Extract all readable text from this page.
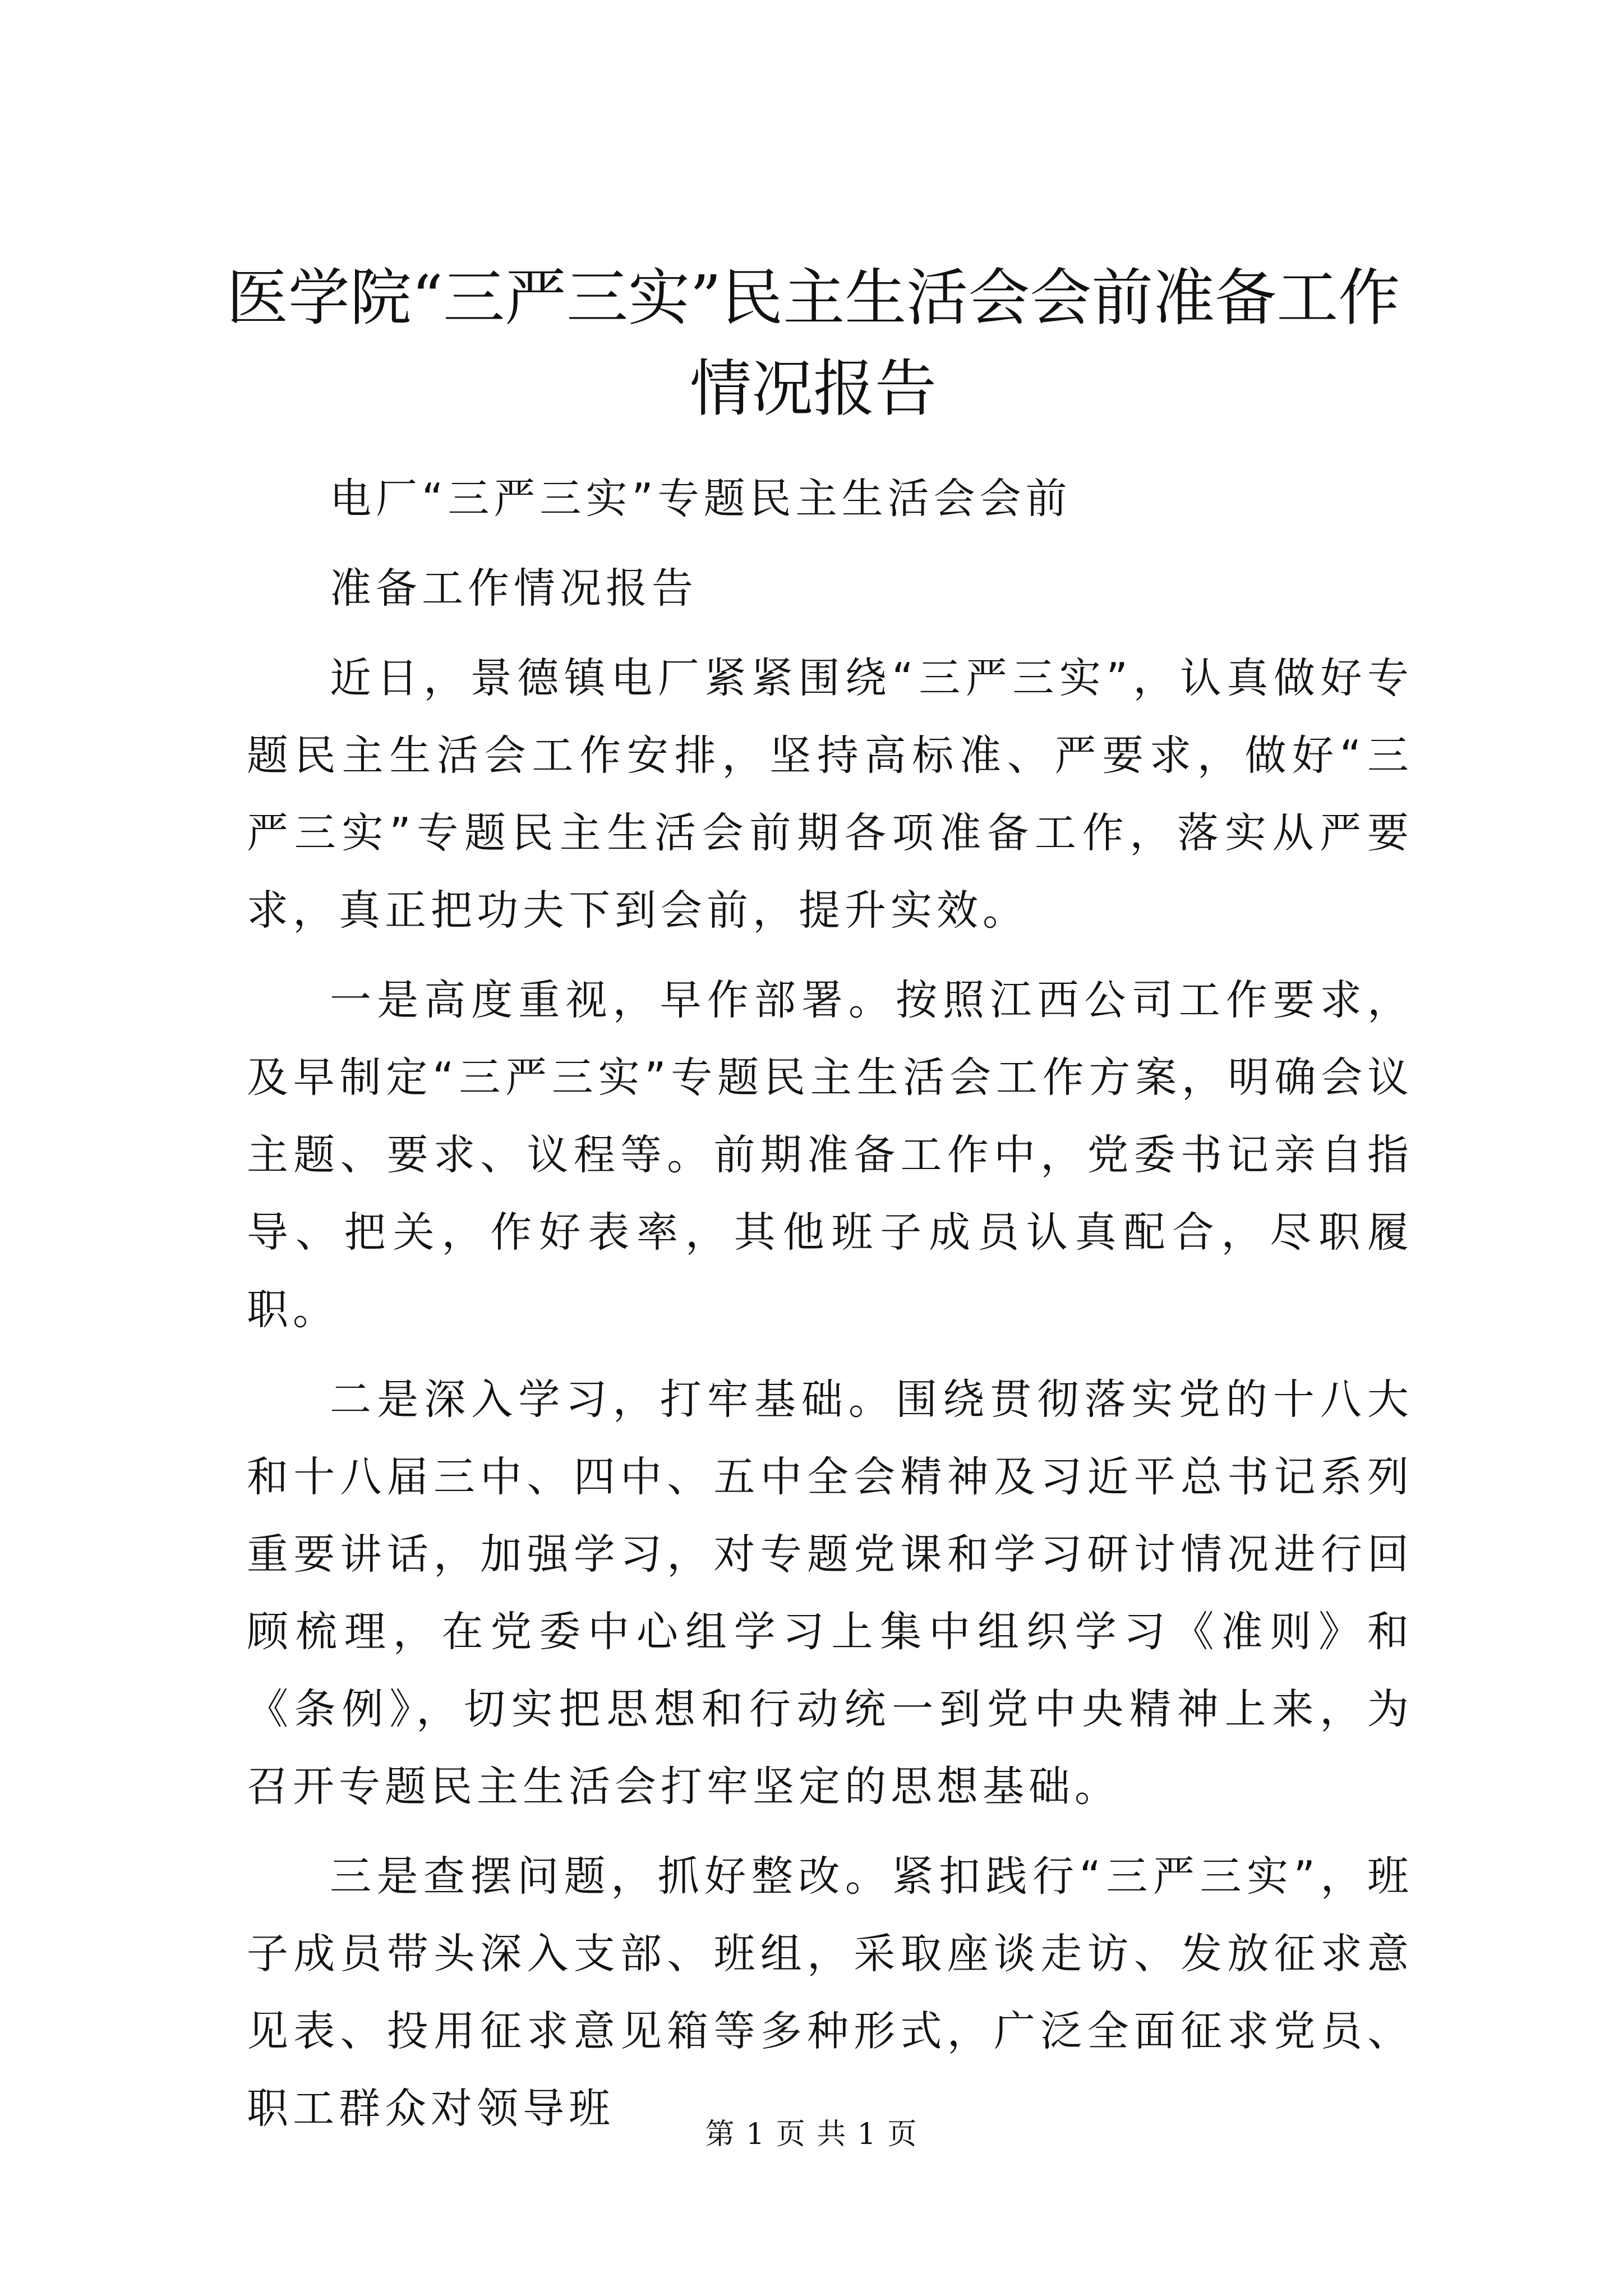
医学院“三严三实”民主生活会会前准备工作情况报告

电厂“三严三实”专题民主生活会会前

准备工作情况报告

近日，景德镇电厂紧紧围绕“三严三实”，认真做好专题民主生活会工作安排，坚持高标准、严要求，做好“三严三实”专题民主生活会前期各项准备工作，落实从严要求，真正把功夫下到会前，提升实效。

一是高度重视，早作部署。按照江西公司工作要求，及早制定“三严三实”专题民主生活会工作方案，明确会议主题、要求、议程等。前期准备工作中，党委书记亲自指导、把关，作好表率，其他班子成员认真配合，尽职履职。

二是深入学习，打牢基础。围绕贯彻落实党的十八大和十八届三中、四中、五中全会精神及习近平总书记系列重要讲话，加强学习，对专题党课和学习研讨情况进行回顾梳理，在党委中心组学习上集中组织学习《准则》和《条例》，切实把思想和行动统一到党中央精神上来，为召开专题民主生活会打牢坚定的思想基础。

三是查摆问题，抓好整改。紧扣践行“三严三实”，班子成员带头深入支部、班组，采取座谈走访、发放征求意见表、投用征求意见箱等多种形式，广泛全面征求党员、职工群众对领导班

第 1 页 共 1 页
